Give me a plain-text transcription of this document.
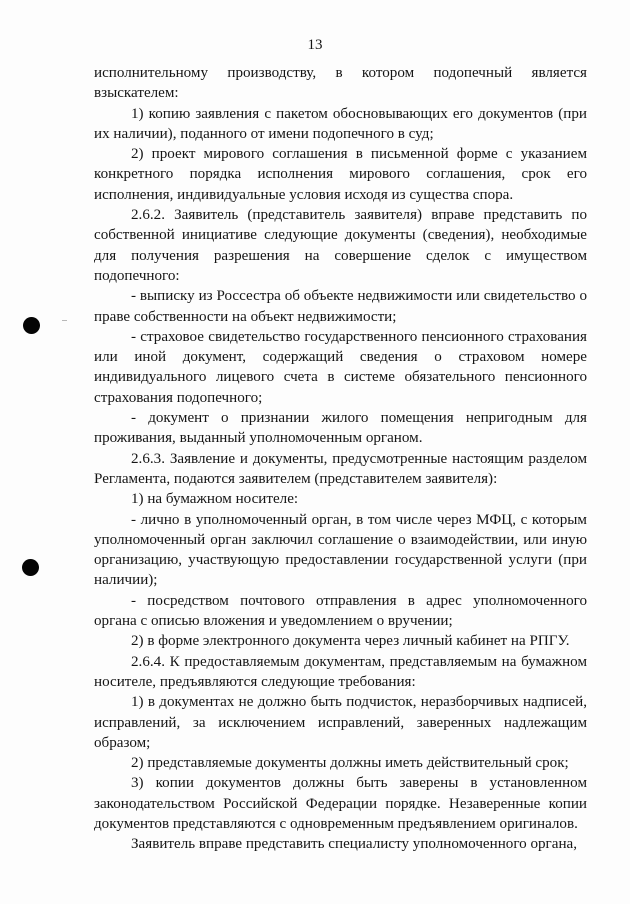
13

исполнительному производству, в котором подопечный является взыскателем:

1) копию заявления с пакетом обосновывающих его документов (при их наличии), поданного от имени подопечного в суд;

2) проект мирового соглашения в письменной форме с указанием конкретного порядка исполнения мирового соглашения, срок его исполнения, индивидуальные условия исходя из существа спора.

2.6.2. Заявитель (представитель заявителя) вправе представить по собственной инициативе следующие документы (сведения), необходимые для получения разрешения на совершение сделок с имуществом подопечного:

- выписку из Россестра об объекте недвижимости или свидетельство о праве собственности на объект недвижимости;

- страховое свидетельство государственного пенсионного страхования или иной документ, содержащий сведения о страховом номере индивидуального лицевого счета в системе обязательного пенсионного страхования подопечного;

- документ о признании жилого помещения непригодным для проживания, выданный уполномоченным органом.

2.6.3. Заявление и документы, предусмотренные настоящим разделом Регламента, подаются заявителем (представителем заявителя):

1) на бумажном носителе:

- лично в уполномоченный орган, в том числе через МФЦ, с которым уполномоченный орган заключил соглашение о взаимодействии, или иную организацию, участвующую предоставлении государственной услуги (при наличии);

- посредством почтового отправления в адрес уполномоченного органа с описью вложения и уведомлением о вручении;

2) в форме электронного документа через личный кабинет на РПГУ.

2.6.4. К предоставляемым документам, представляемым на бумажном носителе, предъявляются следующие требования:

1) в документах не должно быть подчисток, неразборчивых надписей, исправлений, за исключением исправлений, заверенных надлежащим образом;

2) представляемые документы должны иметь действительный срок;

3) копии документов должны быть заверены в установленном законодательством Российской Федерации порядке. Незаверенные копии документов представляются с одновременным предъявлением оригиналов.

Заявитель вправе представить специалисту уполномоченного органа,
